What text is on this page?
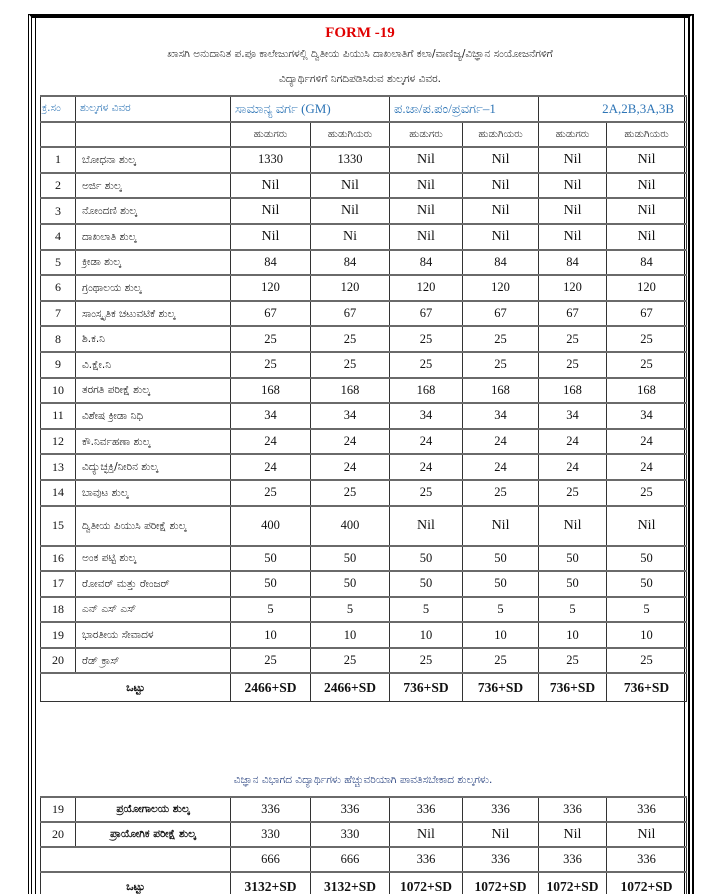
FORM -19
ಖಾಸಗಿ ಅನುದಾನಿತ ಪ.ಪೂ ಕಾಲೇಜುಗಳಲ್ಲಿ ದ್ವಿತೀಯ ಪಿಯುಸಿ ದಾಖಲಾತಿಗೆ ಕಲಾ/ವಾಣಿಜ್ಯ/ವಿಜ್ಞಾನ ಸಂಯೋಜನೆಗಳಿಗೆ
ವಿದ್ಯಾರ್ಥಿಗಳಿಗೆ ನಿಗದಿಪಡಿಸಿರುವ ಶುಲ್ಕಗಳ ವಿವರ.
ಕ್ರ.ಸಂ	ಶುಲ್ಕಗಳ ವಿವರ	ಸಾಮಾನ್ಯ ವರ್ಗ (GM)		ಪ.ಜಾ/ಪ.ಪಂ/ಪ್ರವರ್ಗ–1		2A,2B,3A,3B	
		ಹುಡುಗರು	ಹುಡುಗಿಯರು	ಹುಡುಗರು	ಹುಡುಗಿಯರು	ಹುಡುಗರು	ಹುಡುಗಿಯರು
1	ಬೋಧನಾ ಶುಲ್ಕ	1330	1330	Nil	Nil	Nil	Nil
2	ಅರ್ಜಿ ಶುಲ್ಕ	Nil	Nil	Nil	Nil	Nil	Nil
3	ನೋಂದಣಿ ಶುಲ್ಕ	Nil	Nil	Nil	Nil	Nil	Nil
4	ದಾಖಲಾತಿ ಶುಲ್ಕ	Nil	Ni	Nil	Nil	Nil	Nil
5	ಕ್ರೀಡಾ ಶುಲ್ಕ	84	84	84	84	84	84
6	ಗ್ರಂಥಾಲಯ ಶುಲ್ಕ	120	120	120	120	120	120
7	ಸಾಂಸ್ಕೃತಿಕ ಚಟುವಟಿಕೆ ಶುಲ್ಕ	67	67	67	67	67	67
8	ಶಿ.ಕ.ನಿ	25	25	25	25	25	25
9	ವಿ.ಕ್ಷೇ.ನಿ	25	25	25	25	25	25
10	ತರಗತಿ ಪರೀಕ್ಷೆ ಶುಲ್ಕ	168	168	168	168	168	168
11	ವಿಶೇಷ ಕ್ರೀಡಾ ನಿಧಿ	34	34	34	34	34	34
12	ಕೌ.ನಿರ್ವಹಣಾ ಶುಲ್ಕ	24	24	24	24	24	24
13	ವಿದ್ಯುಚ್ಛಕ್ತಿ/ನೀರಿನ ಶುಲ್ಕ	24	24	24	24	24	24
14	ಬಾವುಟ ಶುಲ್ಕ	25	25	25	25	25	25
15	ದ್ವಿತೀಯ ಪಿಯುಸಿ ಪರೀಕ್ಷೆ ಶುಲ್ಕ	400	400	Nil	Nil	Nil	Nil
16	ಅಂಕ ಪಟ್ಟಿ ಶುಲ್ಕ	50	50	50	50	50	50
17	ರೋವರ್ ಮತ್ತು ರೇಂಜರ್	50	50	50	50	50	50
18	ಎನ್ ಎಸ್ ಎಸ್	5	5	5	5	5	5
19	ಭಾರತೀಯ ಸೇವಾದಳ	10	10	10	10	10	10
20	ರೆಡ್ ಕ್ರಾಸ್	25	25	25	25	25	25
ಒಟ್ಟು		2466+SD	2466+SD	736+SD	736+SD	736+SD	736+SD
ವಿಜ್ಞಾನ ವಿಭಾಗದ ವಿದ್ಯಾರ್ಥಿಗಳು ಹೆಚ್ಚುವರಿಯಾಗಿ ಪಾವತಿಸಬೇಕಾದ ಶುಲ್ಕಗಳು.
19	ಪ್ರಯೋಗಾಲಯ ಶುಲ್ಕ	336	336	336	336	336	336
20	ಪ್ರಾಯೋಗಿಕ ಪರೀಕ್ಷೆ ಶುಲ್ಕ	330	330	Nil	Nil	Nil	Nil
		666	666	336	336	336	336
ಒಟ್ಟು		3132+SD	3132+SD	1072+SD	1072+SD	1072+SD	1072+SD
